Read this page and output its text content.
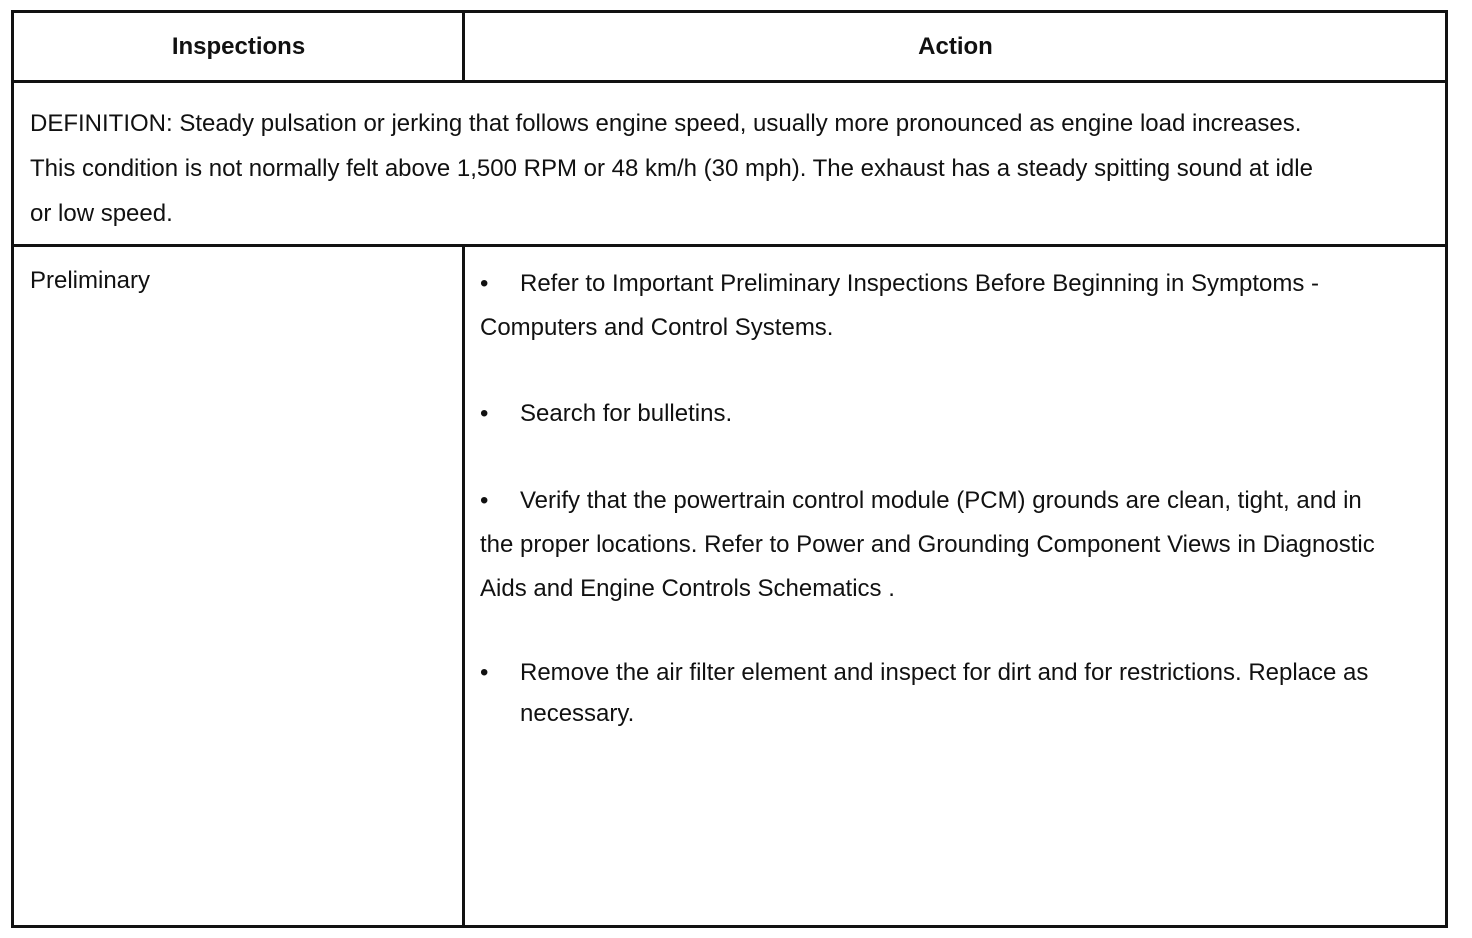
Inspections	Action

DEFINITION: Steady pulsation or jerking that follows engine speed, usually more pronounced as engine load increases. This condition is not normally felt above 1,500 RPM or 48 km/h (30 mph). The exhaust has a steady spitting sound at idle or low speed.

Preliminary	• Refer to Important Preliminary Inspections Before Beginning in Symptoms - Computers and Control Systems.
• Search for bulletins.
• Verify that the powertrain control module (PCM) grounds are clean, tight, and in the proper locations. Refer to Power and Grounding Component Views in Diagnostic Aids and Engine Controls Schematics .
• Remove the air filter element and inspect for dirt and for restrictions. Replace as necessary.
